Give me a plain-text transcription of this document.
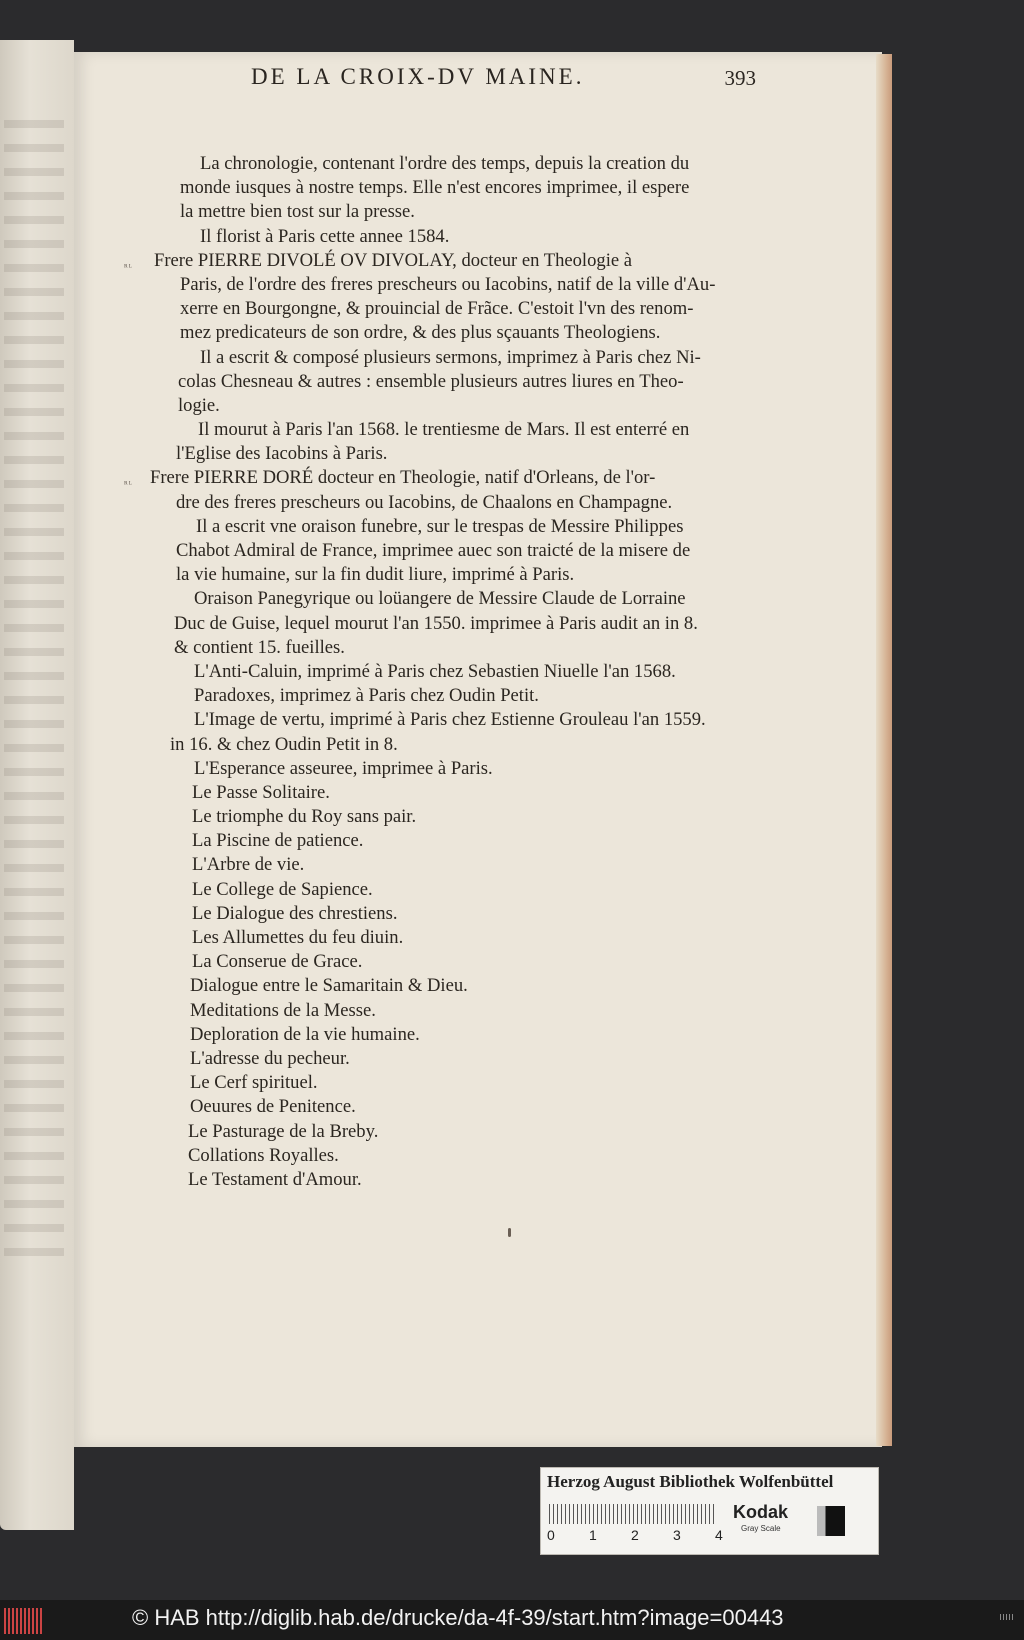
DE LA CROIX-DV MAINE.	393
La chronologie, contenant l'ordre des temps, depuis la creation du
monde iusques à nostre temps. Elle n'est encores imprimee, il espere
la mettre bien tost sur la presse.
Il florist à Paris cette annee 1584.
ᴿᴸ Frere PIERRE DIVOLÉ OV DIVOLAY, docteur en Theologie à
Paris, de l'ordre des freres prescheurs ou Iacobins, natif de la ville d'Au-
xerre en Bourgongne, & prouincial de Frãce. C'estoit l'vn des renom-
mez predicateurs de son ordre, & des plus sçauants Theologiens.
Il a escrit & composé plusieurs sermons, imprimez à Paris chez Ni-
colas Chesneau & autres : ensemble plusieurs autres liures en Theo-
logie.
Il mourut à Paris l'an 1568. le trentiesme de Mars. Il est enterré en
l'Eglise des Iacobins à Paris.
ᴿᴸ Frere PIERRE DORÉ docteur en Theologie, natif d'Orleans, de l'or-
dre des freres prescheurs ou Iacobins, de Chaalons en Champagne.
Il a escrit vne oraison funebre, sur le trespas de Messire Philippes
Chabot Admiral de France, imprimee auec son traicté de la misere de
la vie humaine, sur la fin dudit liure, imprimé à Paris.
Oraison Panegyrique ou loüangere de Messire Claude de Lorraine
Duc de Guise, lequel mourut l'an 1550. imprimee à Paris audit an in 8.
& contient 15. fueilles.
L'Anti-Caluin, imprimé à Paris chez Sebastien Niuelle l'an 1568.
Paradoxes, imprimez à Paris chez Oudin Petit.
L'Image de vertu, imprimé à Paris chez Estienne Grouleau l'an 1559.
in 16. & chez Oudin Petit in 8.
L'Esperance asseuree, imprimee à Paris.
Le Passe Solitaire.
Le triomphe du Roy sans pair.
La Piscine de patience.
L'Arbre de vie.
Le College de Sapience.
Le Dialogue des chrestiens.
Les Allumettes du feu diuin.
La Conserue de Grace.
Dialogue entre le Samaritain & Dieu.
Meditations de la Messe.
Deploration de la vie humaine.
L'adresse du pecheur.
Le Cerf spirituel.
Oeuures de Penitence.
Le Pasturage de la Breby.
Collations Royalles.
Le Testament d'Amour.
Herzog August Bibliothek Wolfenbüttel
0 1 2 3 4
Kodak
Gray Scale
© HAB http://diglib.hab.de/drucke/da-4f-39/start.htm?image=00443
